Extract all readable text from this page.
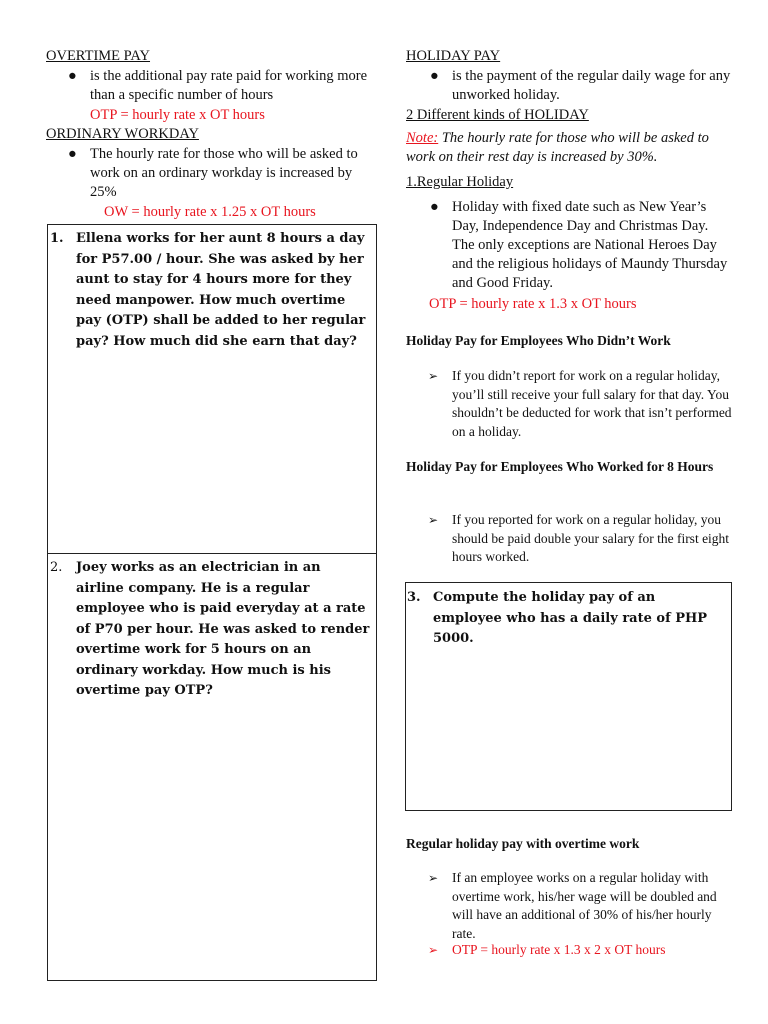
OVERTIME PAY
● is the additional pay rate paid for working more than a specific number of hours
OTP = hourly rate x OT hours
ORDINARY WORKDAY
● The hourly rate for those who will be asked to work on an ordinary workday is increased by 25%
OW = hourly rate x 1.25 x OT hours
1. Ellena works for her aunt 8 hours a day for P57.00 / hour. She was asked by her aunt to stay for 4 hours more for they need manpower. How much overtime pay (OTP) shall be added to her regular pay? How much did she earn that day?
2. Joey works as an electrician in an airline company. He is a regular employee who is paid everyday at a rate of P70 per hour. He was asked to render overtime work for 5 hours on an ordinary workday. How much is his overtime pay OTP?
HOLIDAY PAY
● is the payment of the regular daily wage for any unworked holiday.
2 Different kinds of HOLIDAY
Note: The hourly rate for those who will be asked to work on their rest day is increased by 30%.
1.Regular Holiday
● Holiday with fixed date such as New Year’s Day, Independence Day and Christmas Day. The only exceptions are National Heroes Day and the religious holidays of Maundy Thursday and Good Friday.
OTP = hourly rate x 1.3 x OT hours
Holiday Pay for Employees Who Didn’t Work
➢ If you didn’t report for work on a regular holiday, you’ll still receive your full salary for that day. You shouldn’t be deducted for work that isn’t performed on a holiday.
Holiday Pay for Employees Who Worked for 8 Hours
➢ If you reported for work on a regular holiday, you should be paid double your salary for the first eight hours worked.
3. Compute the holiday pay of an employee who has a daily rate of PHP 5000.
Regular holiday pay with overtime work
➢ If an employee works on a regular holiday with overtime work, his/her wage will be doubled and will have an additional of 30% of his/her hourly rate.
➢ OTP = hourly rate x 1.3 x 2 x OT hours
